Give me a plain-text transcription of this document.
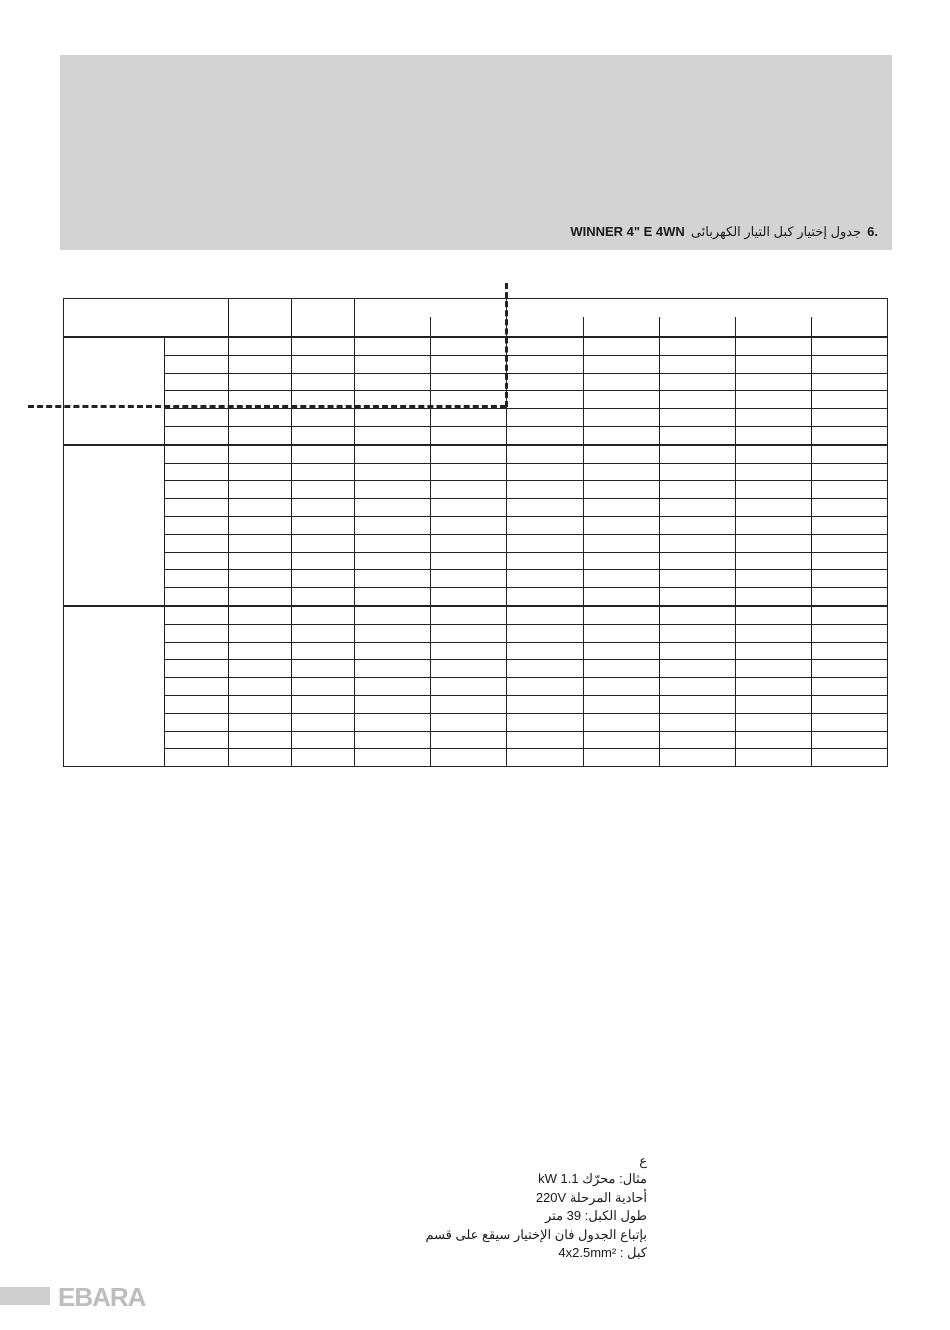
WINNER 4" E 4WN جدول إختيار كبل التيار الكهربائى 6.

ع
مثال: محرّك 1.1 kW
أحادية المرحلة 220V
طول الكبل: 39 متر
بإتباع الجدول فان الإختيار سيقع على قسم
كبل : 4x2.5mm²
EBARA
